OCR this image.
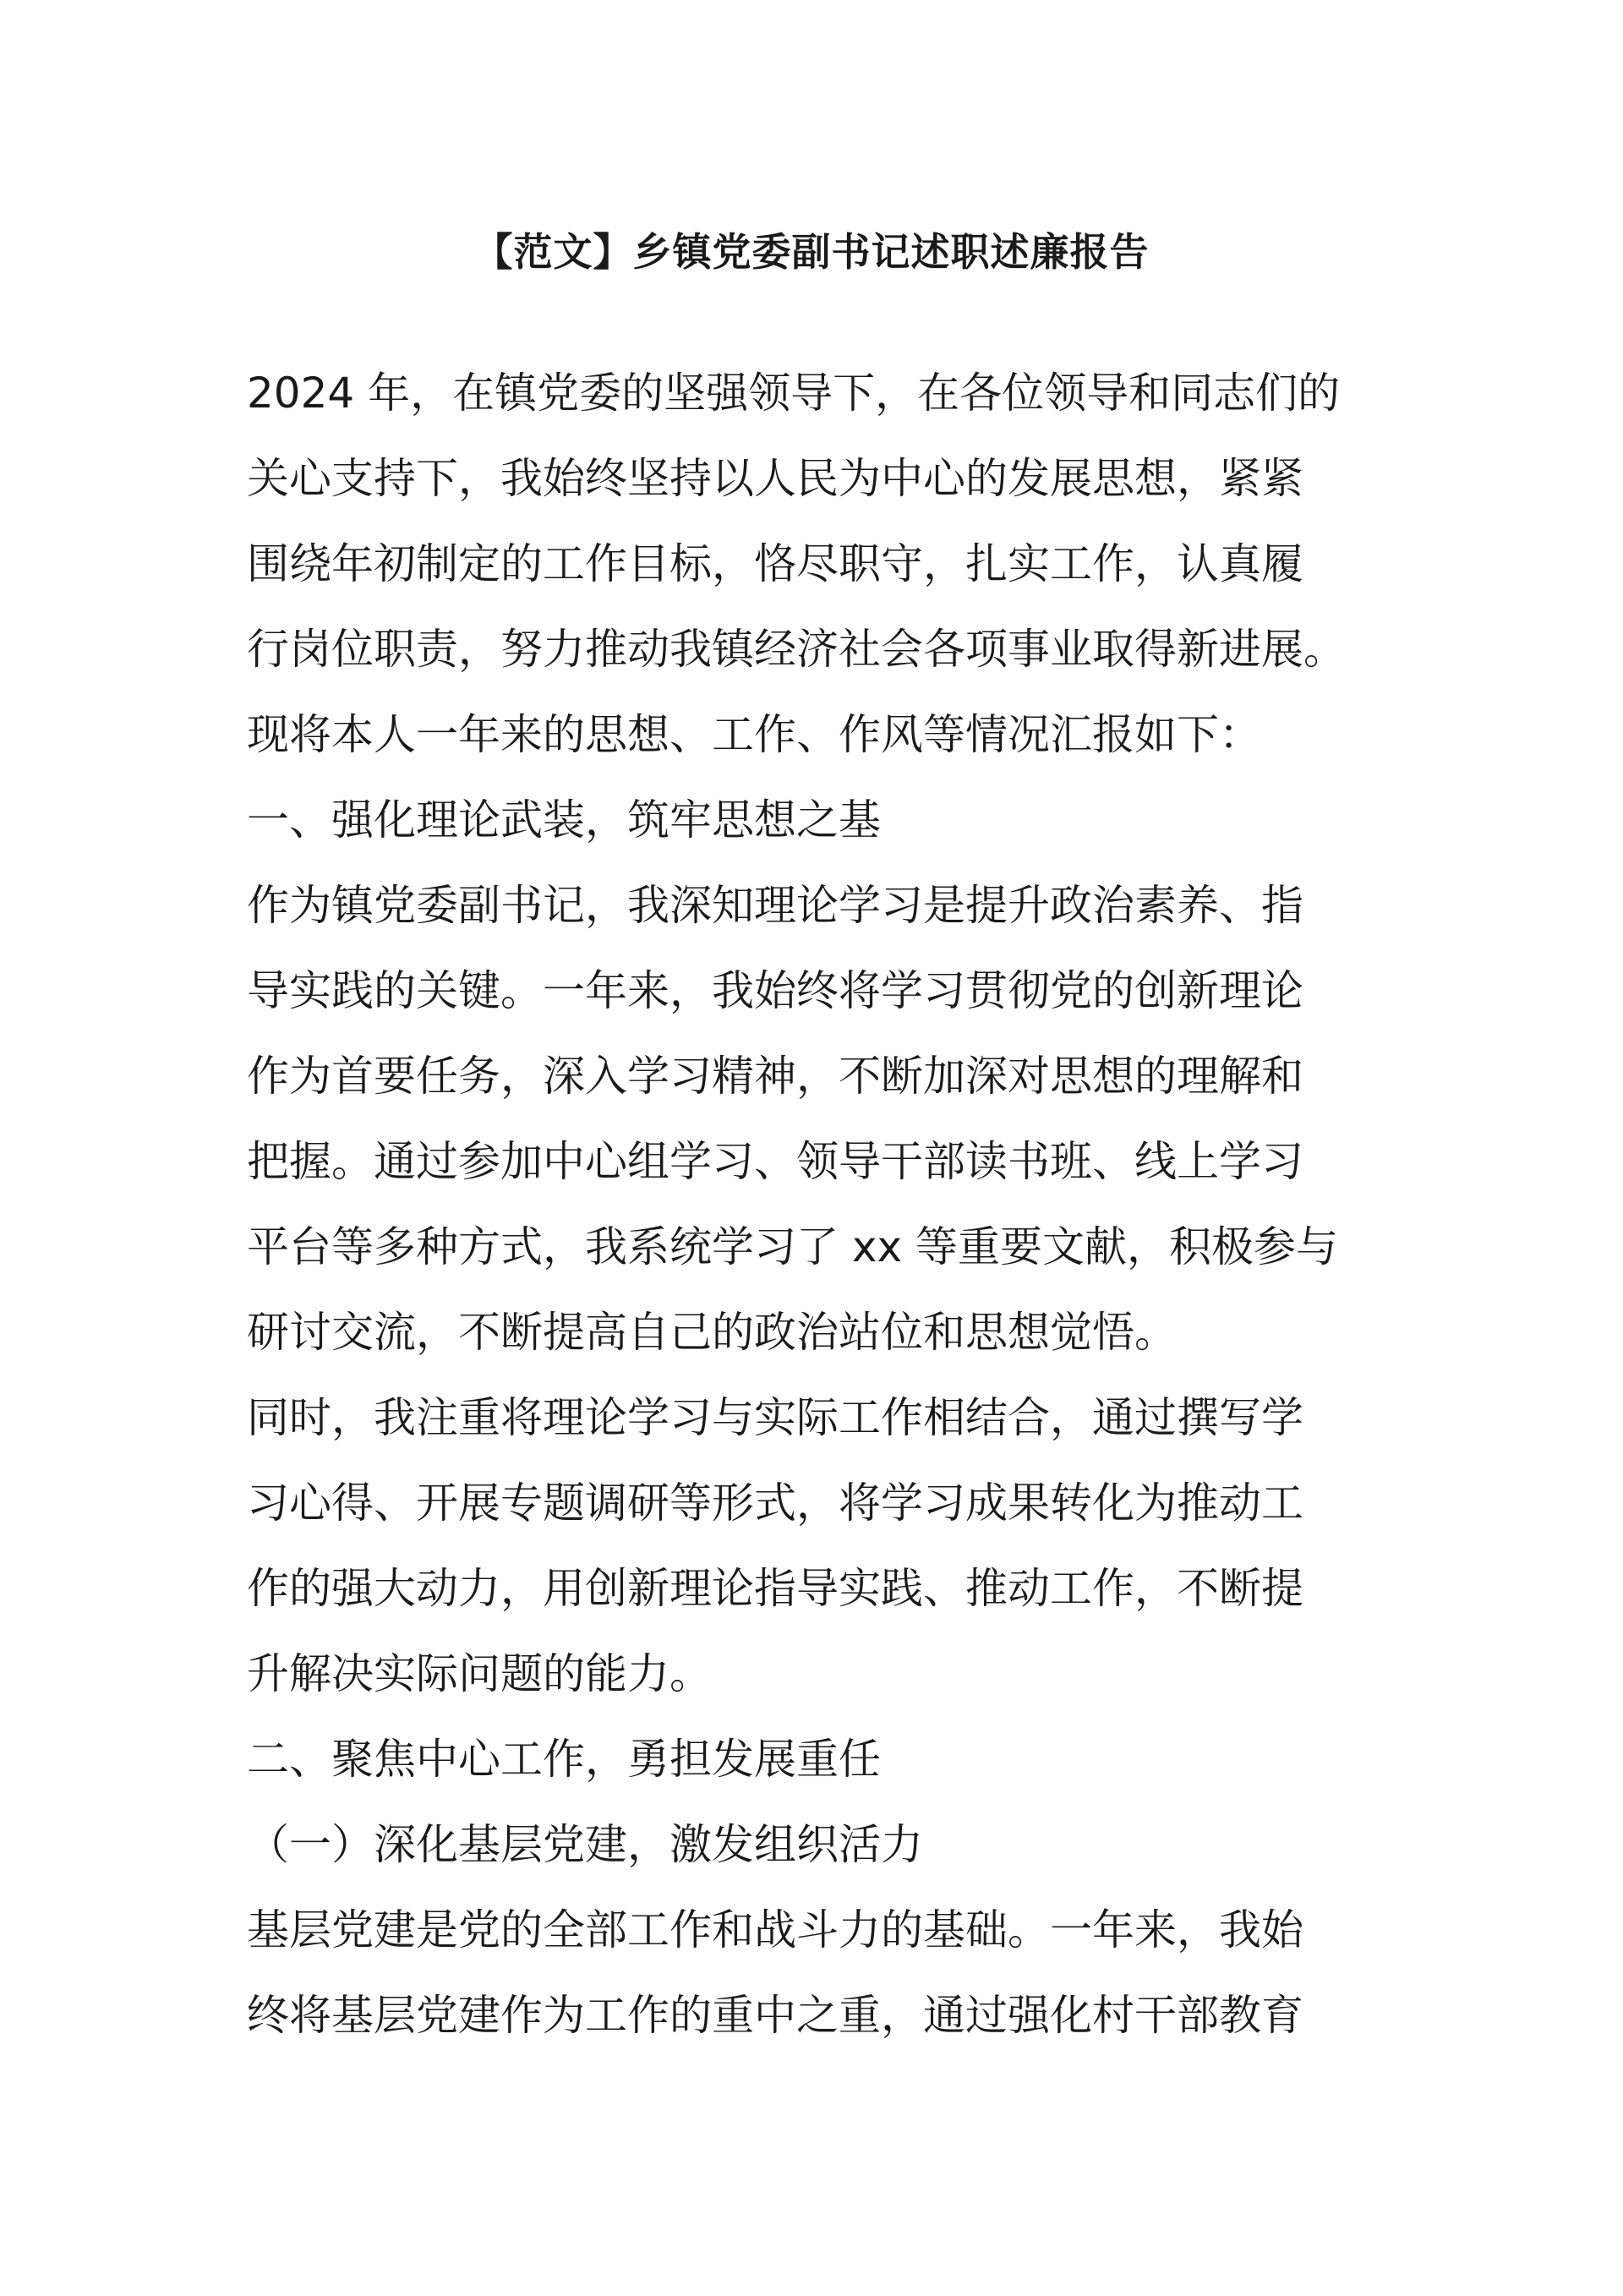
【范文】乡镇党委副书记述职述廉报告
2024 年，在镇党委的坚强领导下，在各位领导和同志们的
关心支持下，我始终坚持以人民为中心的发展思想，紧紧
围绕年初制定的工作目标，恪尽职守，扎实工作，认真履
行岗位职责，努力推动我镇经济社会各项事业取得新进展。
现将本人一年来的思想、工作、作风等情况汇报如下：
一、强化理论武装，筑牢思想之基
作为镇党委副书记，我深知理论学习是提升政治素养、指
导实践的关键。一年来，我始终将学习贯彻党的创新理论
作为首要任务，深入学习精神，不断加深对思想的理解和
把握。通过参加中心组学习、领导干部读书班、线上学习
平台等多种方式，我系统学习了 xx 等重要文献，积极参与
研讨交流，不断提高自己的政治站位和思想觉悟。
同时，我注重将理论学习与实际工作相结合，通过撰写学
习心得、开展专题调研等形式，将学习成果转化为推动工
作的强大动力，用创新理论指导实践、推动工作，不断提
升解决实际问题的能力。
二、聚焦中心工作，勇担发展重任
（一）深化基层党建，激发组织活力
基层党建是党的全部工作和战斗力的基础。一年来，我始
终将基层党建作为工作的重中之重，通过强化村干部教育
